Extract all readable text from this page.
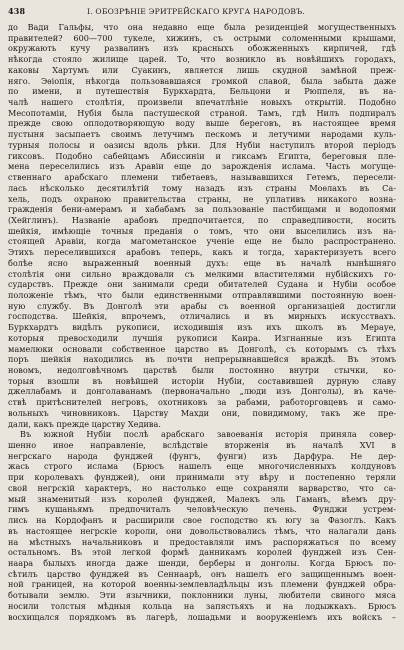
438	І. ОБОЗРѢНІЕ ЭРИТРЕЙСКАГО КРУГА НАРОДОВЪ.
до Вади Гальфы, что она недавно еще была резиденціей могущественныхъ
правителей? 600—700 тукеле, хижинъ, съ острыми соломенными крышами,
окружають кучу развалинъ изъ красныхъ обожженныхъ кирпичей, гдѣ
нѣкогда стояло жилище царей. То, что возникло въ новѣйшихъ городахъ,
каковы Хартумъ или Суакинъ, является лишь скудной замѣной преж-
няго. Эѳіопія, нѣкогда пользовавшаяся громкой славой, была забыта даже
по имени, и путешествія Буркхардта, Бельцони и Рюппеля, въ на-
чалѣ нашего столѣтія, произвели впечатлѣніе новыхъ открытій. Подобно
Месопотаміи, Нубія была пастушеской страной. Тамъ, гдѣ Нилъ подпиралъ
прежде свою оплодотворяющую воду выше береговъ, въ настоящее время
пустыня засыпаетъ своимъ летучимъ пескомъ и летучими народами куль-
турныя полосы и оазисы вдоль рѣки. Для Нубіи наступилъ второй періодъ
гиксовъ. Подобно сабейцамъ Абиссиніи и гиксамъ Египта, береговыя пле-
мена переселились изъ Аравіи еще до зарожденія ислама. Часть могуще-
ственнаго арабскаго племени тибетаевъ, называвшихся Гетемъ, пересели-
лась нѣсколько десятилѣтій тому назадъ изъ страны Моѳлахъ въ Са-
хель, подъ охраною правительства страны, не уплативъ никакого возна-
гражденія бени-амерамъ и хабабамъ за пользованіе пастбищами и водопоями
(Хейглинъ). Названіе арабовъ предпочитается, по справедливости, носить
шейкія, имѣющіе точныя преданія о томъ, что они выселились изъ на-
стоящей Аравіи, когда магометанское ученіе еще не было распространено.
Этихъ переселившихся арабовъ теперь, какъ и тогда, характеризуетъ всего
болѣе ясно выраженный военный духъ: еще въ началѣ нынѣшняго
столѣтія они сильно враждовали съ мелкими властителями нубійскихъ го-
сударствъ. Прежде они занимали среди обитателей Судана и Нубіи особое
положеніе тѣмъ, что были единственными отправлявшими постоянную воен-
ную службу. Въ Донголѣ эти арабы съ военной организаціей достигли
господства. Шейкія, впрочемъ, отличались и въ мирныхъ искусствахъ.
Буркхардтъ видѣлъ рукописи, исходившія изъ ихъ школъ въ Мерауе,
которыя превосходили лучшія рукописи Каира. Изгнанные изъ Египта
мамелюки основали собственное царство въ Донголѣ, съ которымъ съ тѣхъ
поръ шейкія находились въ почти непрерывнавшейся враждѣ. Въ этомъ
новомъ, недолговѣчномъ царствѣ были постоянно внутри стычки, ко-
торыя взошли въ новѣйшей исторіи Нубіи, составившей дурную славу
джеллабамъ и донголаванамъ (первоначально „люди изъ Донголы), въ каче-
ствѣ притѣснителей негровъ, охотниковъ за рабами, работорговцевъ и само-
вольныхъ чиновниковъ. Царству Махди они, повидимому, такъ же пре-
дали, какъ прежде царству Хедива.
Въ южной Нубіи послѣ арабскаго завоеванія исторія приняла совер-
шенно иное направленіе, вслѣдствіе вторженія въ началѣ XVI в
негрскаго народа фунджей (фунгъ, фунги) изъ Дарфура. Не дер-
жась строго ислама (Брюсъ нашелъ еще многочисленныхъ колдуновъ
при королевахъ фунджей), они принимали эту вѣру и постепенно теряли
свой негрскій характеръ, но настолько еще сохраняли варварство, что са-
мый знаменитый изъ королей фунджей, Малекъ эль Гаманъ, вѣемъ дру-
гимъ кушаньямъ предпочиталъ человѣческую печень. Фунджи устрем-
лись на Кордофанъ и расширили свое господство къ югу за Фазоглъ. Какъ
въ настоящее негрскіе короли, они довольствовались тѣмъ, что налагали дань
на мѣстныхъ начальниковъ и предоставляли имъ распоряжаться по всему
остальномъ. Въ этой легкой формѣ данникамъ королей фунджей изъ Сен-
наара былыхъ иногда даже шенди, берберы и донголы. Когда Брюсъ по-
сѣтилъ царство фунджей въ Сеннаарѣ, онъ нашелъ его защищеннымъ воен-
ной границей, на которой военны-землевладѣльцы изъ племени фунджей обра-
ботывали землю. Эти язычники, поклонники луны, любители свиного мяса
носили толстыя мѣдныя кольца на запястьяхъ и на лодыжкахъ. Брюсъ
восхищался порядкомъ въ лагерѣ, лошадьми и вооруженіемъ ихъ войскъ –
